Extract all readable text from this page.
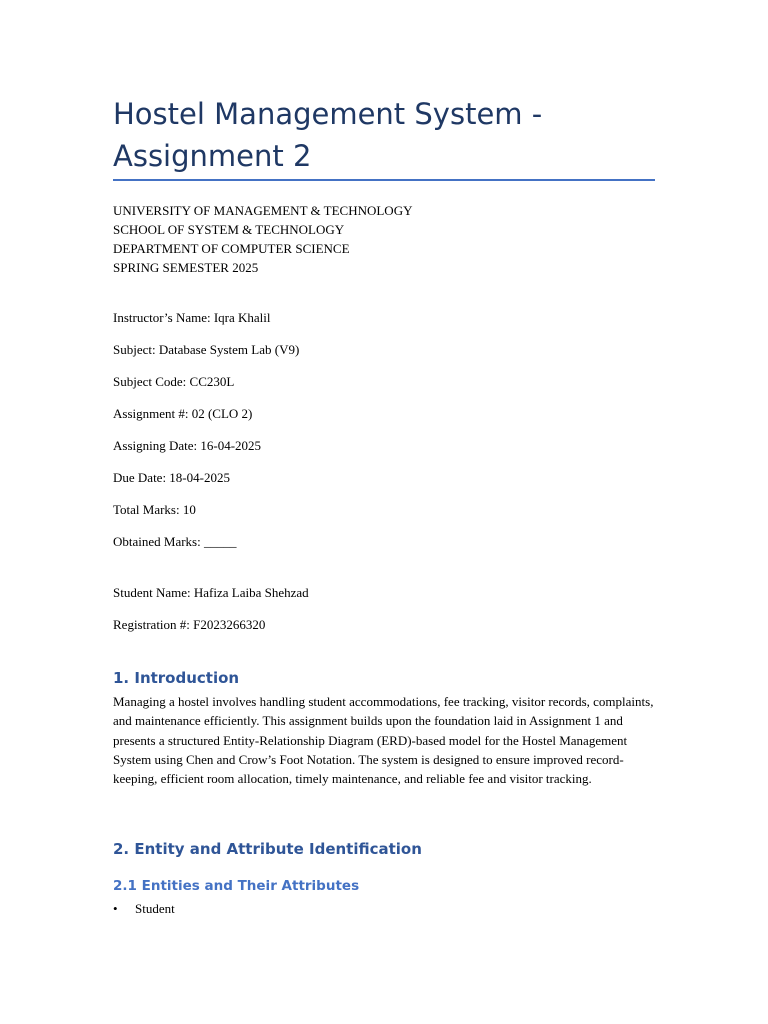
Hostel Management System - Assignment 2
UNIVERSITY OF MANAGEMENT & TECHNOLOGY
SCHOOL OF SYSTEM & TECHNOLOGY
DEPARTMENT OF COMPUTER SCIENCE
SPRING SEMESTER 2025
Instructor’s Name: Iqra Khalil
Subject: Database System Lab (V9)
Subject Code: CC230L
Assignment #: 02 (CLO 2)
Assigning Date: 16-04-2025
Due Date: 18-04-2025
Total Marks: 10
Obtained Marks: _____
Student Name: Hafiza Laiba Shehzad
Registration #: F2023266320
1. Introduction

Managing a hostel involves handling student accommodations, fee tracking, visitor records, complaints, and maintenance efficiently. This assignment builds upon the foundation laid in Assignment 1 and presents a structured Entity-Relationship Diagram (ERD)-based model for the Hostel Management System using Chen and Crow’s Foot Notation. The system is designed to ensure improved record-keeping, efficient room allocation, timely maintenance, and reliable fee and visitor tracking.

2. Entity and Attribute Identification
2.1 Entities and Their Attributes
•	Student
